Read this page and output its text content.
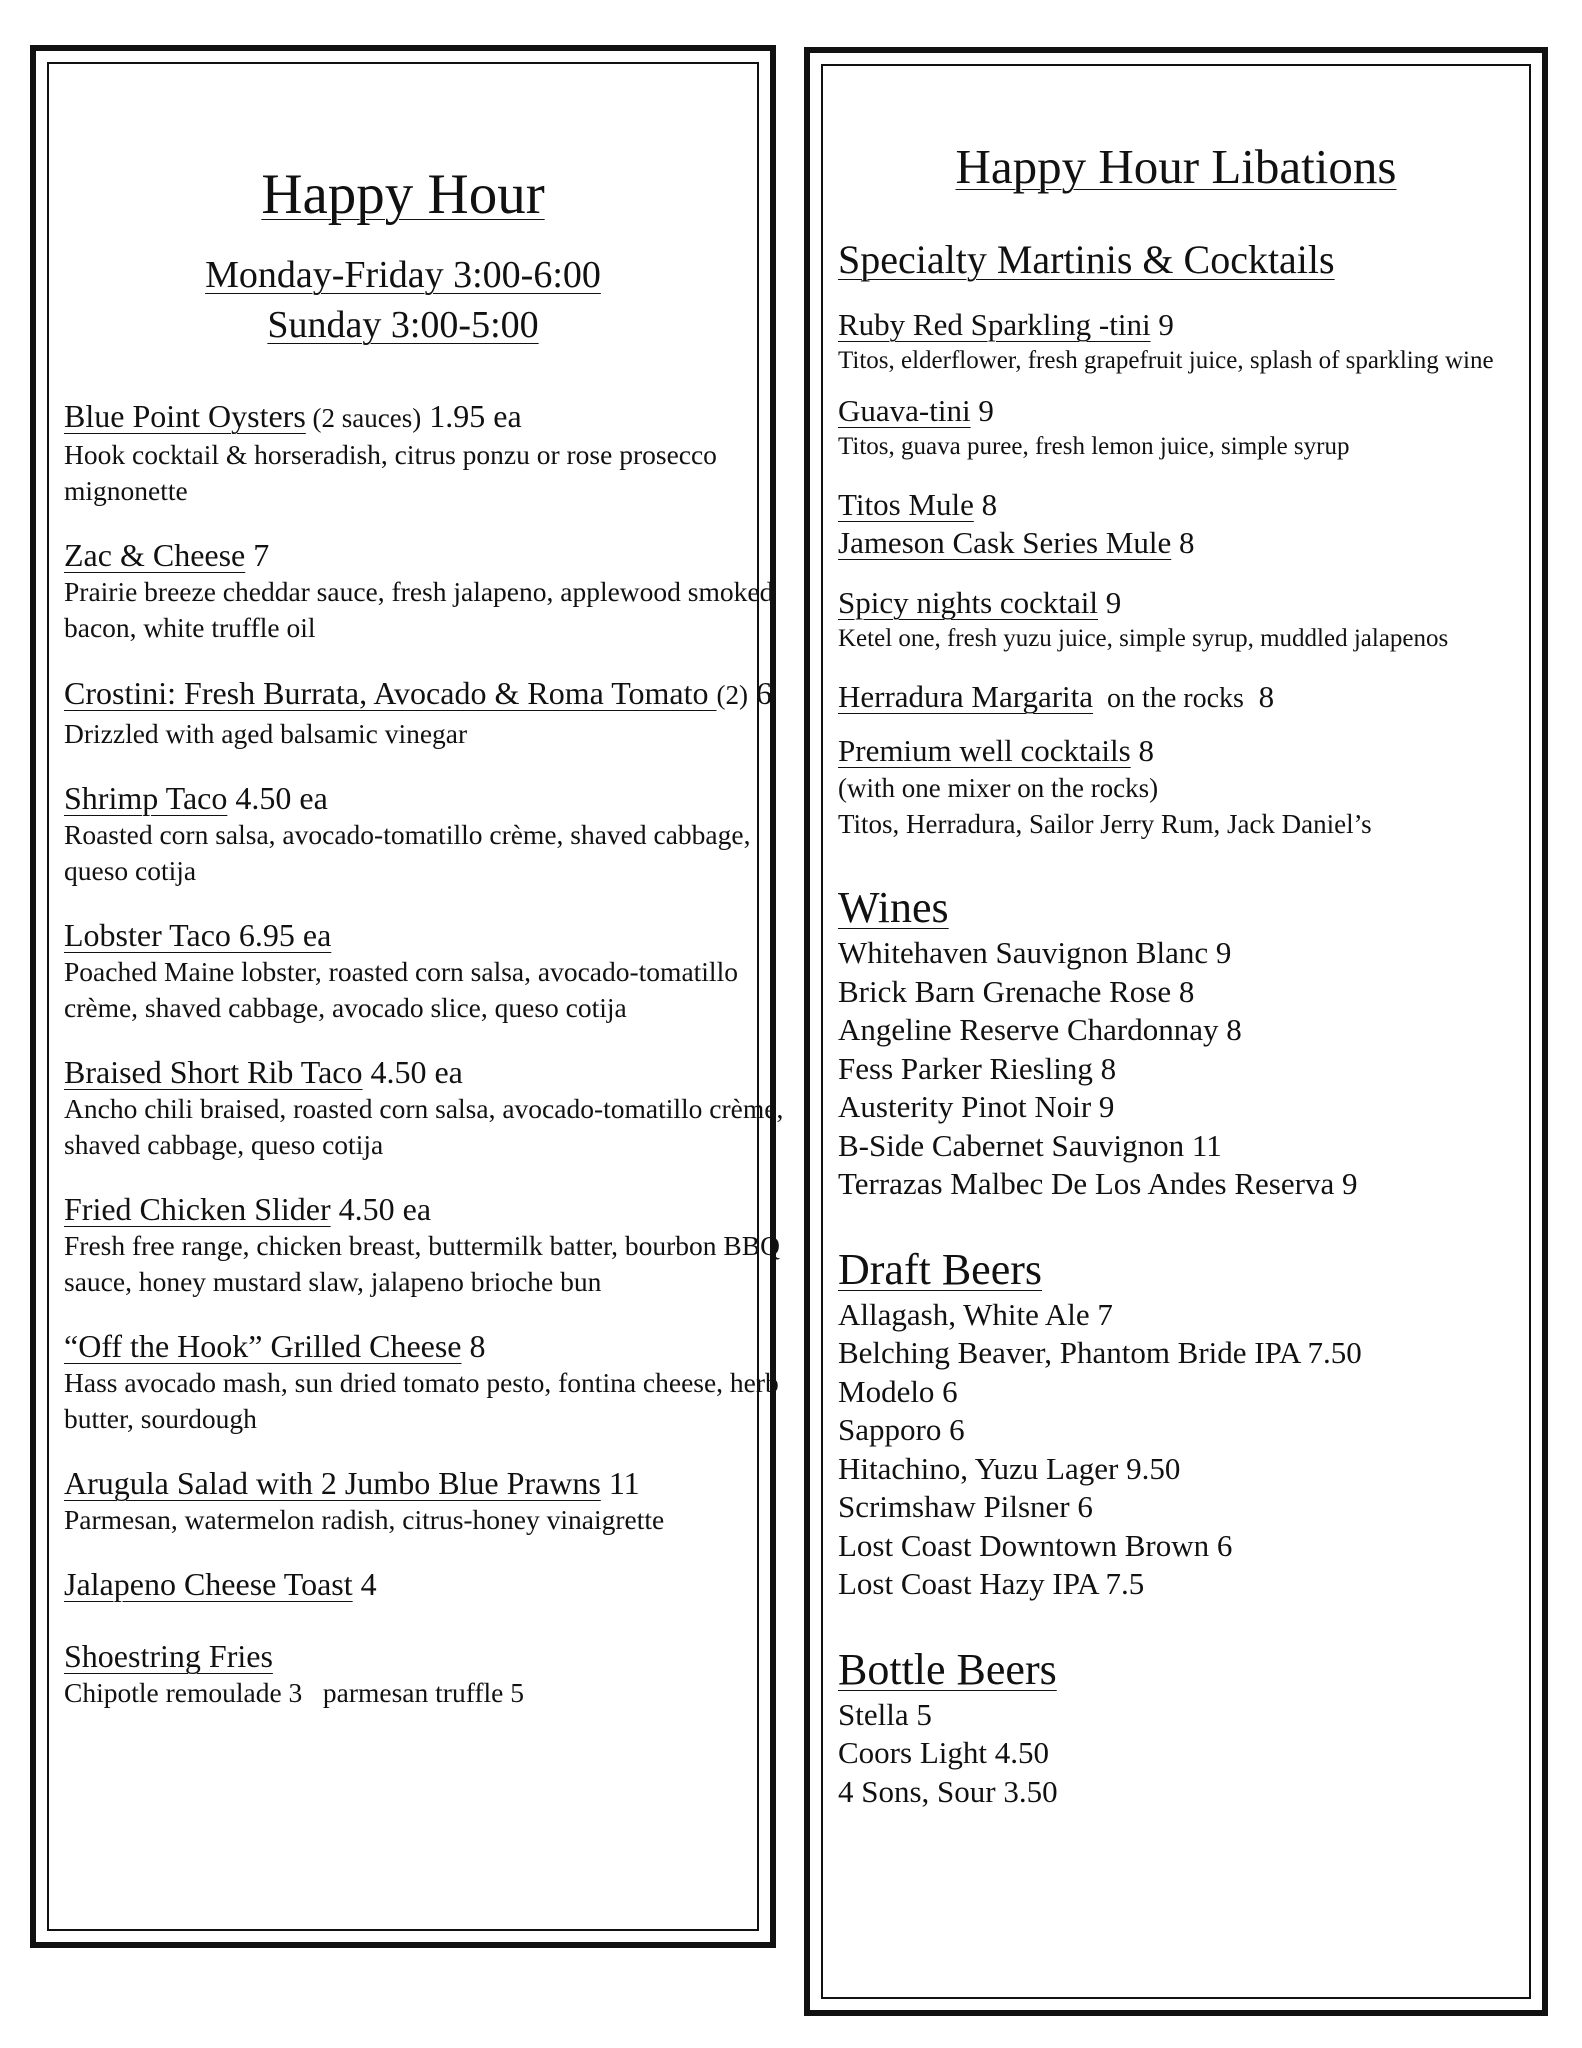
Happy Hour
Monday-Friday 3:00-6:00
Sunday 3:00-5:00
Blue Point Oysters (2 sauces) 1.95 ea
Hook cocktail & horseradish, citrus ponzu or rose prosecco mignonette
Zac & Cheese 7
Prairie breeze cheddar sauce, fresh jalapeno, applewood smoked bacon, white truffle oil
Crostini: Fresh Burrata, Avocado & Roma Tomato (2) 6
Drizzled with aged balsamic vinegar
Shrimp Taco 4.50 ea
Roasted corn salsa, avocado-tomatillo crème, shaved cabbage, queso cotija
Lobster Taco 6.95 ea
Poached Maine lobster, roasted corn salsa, avocado-tomatillo crème, shaved cabbage, avocado slice, queso cotija
Braised Short Rib Taco 4.50 ea
Ancho chili braised, roasted corn salsa, avocado-tomatillo crème, shaved cabbage, queso cotija
Fried Chicken Slider 4.50 ea
Fresh free range, chicken breast, buttermilk batter, bourbon BBQ sauce, honey mustard slaw, jalapeno brioche bun
“Off the Hook” Grilled Cheese 8
Hass avocado mash, sun dried tomato pesto, fontina cheese, herb butter, sourdough
Arugula Salad with 2 Jumbo Blue Prawns 11
Parmesan, watermelon radish, citrus-honey vinaigrette
Jalapeno Cheese Toast 4
Shoestring Fries
Chipotle remoulade 3   parmesan truffle 5
Happy Hour Libations
Specialty Martinis & Cocktails
Ruby Red Sparkling -tini 9
Titos, elderflower, fresh grapefruit juice, splash of sparkling wine
Guava-tini 9
Titos, guava puree, fresh lemon juice, simple syrup
Titos Mule 8
Jameson Cask Series Mule 8
Spicy nights cocktail 9
Ketel one, fresh yuzu juice, simple syrup, muddled jalapenos
Herradura Margarita  on the rocks  8
Premium well cocktails 8
(with one mixer on the rocks)
Titos, Herradura, Sailor Jerry Rum, Jack Daniel’s
Wines
Whitehaven Sauvignon Blanc 9
Brick Barn Grenache Rose 8
Angeline Reserve Chardonnay 8
Fess Parker Riesling 8
Austerity Pinot Noir 9
B-Side Cabernet Sauvignon 11
Terrazas Malbec De Los Andes Reserva 9
Draft Beers
Allagash, White Ale 7
Belching Beaver, Phantom Bride IPA 7.50
Modelo 6
Sapporo 6
Hitachino, Yuzu Lager 9.50
Scrimshaw Pilsner 6
Lost Coast Downtown Brown 6
Lost Coast Hazy IPA 7.5
Bottle Beers
Stella 5
Coors Light 4.50
4 Sons, Sour 3.50
